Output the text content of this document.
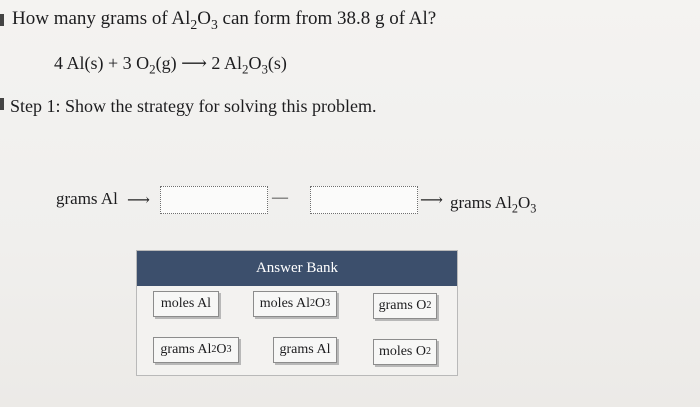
How many grams of $Al_2O_3$ can form from 38.8 g of Al?
4 Al(s) + 3 $O_2(g)$ ⟶ 2 $Al_2O_3(s)$
Step 1: Show the strategy for solving this problem.
grams Al ⟶	—	⟶ grams $Al_2O_3$
Answer Bank
moles Al	moles Al 2 O 3	grams O 2
grams Al 2 O 3	grams Al	moles O 2
